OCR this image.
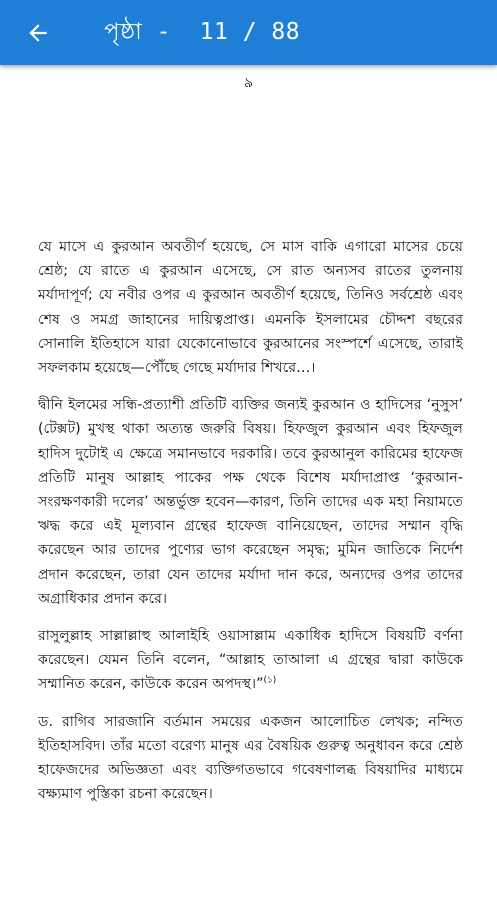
পৃষ্ঠা -  11 / 88
৯

যে মাসে এ কুরআন অবতীর্ণ হয়েছে, সে মাস বাকি এগারো মাসের চেয়ে শ্রেষ্ঠ; যে রাতে এ কুরআন এসেছে, সে রাত অন্যসব রাতের তুলনায় মর্যাদাপূর্ণ; যে নবীর ওপর এ কুরআন অবতীর্ণ হয়েছে, তিনিও সর্বশ্রেষ্ঠ এবং শেষ ও সমগ্র জাহানের দায়িত্বপ্রাপ্ত। এমনকি ইসলামের চৌদ্দশ বছরের সোনালি ইতিহাসে যারা যেকোনোভাবে কুরআনের সংস্পর্শে এসেছে, তারাই সফলকাম হয়েছে—পৌঁছে গেছে মর্যাদার শিখরে…।

দ্বীনি ইলমের সন্ধি-প্রত্যাশী প্রতিটি ব্যক্তির জন্যই কুরআন ও হাদিসের ‘নুসুস’ (টেক্সট) মুখস্থ থাকা অত্যন্ত জরুরি বিষয়। হিফজুল কুরআন এবং হিফজুল হাদিস দুটোই এ ক্ষেত্রে সমানভাবে দরকারি। তবে কুরআনুল কারিমের হাফেজ প্রতিটি মানুষ আল্লাহ পাকের পক্ষ থেকে বিশেষ মর্যাদাপ্রাপ্ত ‘কুরআন-সংরক্ষণকারী দলের’ অন্তর্ভুক্ত হবেন—কারণ, তিনি তাদের এক মহা নিয়ামতে ঋদ্ধ করে এই মূল্যবান গ্রন্থের হাফেজ বানিয়েছেন, তাদের সম্মান বৃদ্ধি করেছেন আর তাদের পুণ্যের ভাগ করেছেন সমৃদ্ধ; মুমিন জাতিকে নির্দেশ প্রদান করেছেন, তারা যেন তাদের মর্যাদা দান করে, অন্যদের ওপর তাদের অগ্রাধিকার প্রদান করে।

রাসুলুল্লাহ সাল্লাল্লাহু আলাইহি ওয়াসাল্লাম একাধিক হাদিসে বিষয়টি বর্ণনা করেছেন। যেমন তিনি বলেন, “আল্লাহ তাআলা এ গ্রন্থের দ্বারা কাউকে সম্মানিত করেন, কাউকে করেন অপদস্থ।”$^{(১)}$

ড. রাগিব সারজানি বর্তমান সময়ের একজন আলোচিত লেখক; নন্দিত ইতিহাসবিদ। তাঁর মতো বরেণ্য মানুষ এর বৈষয়িক গুরুত্ব অনুধাবন করে শ্রেষ্ঠ হাফেজদের অভিজ্ঞতা এবং ব্যক্তিগতভাবে গবেষণালব্ধ বিষয়াদির মাধ্যমে বক্ষ্যমাণ পুস্তিকা রচনা করেছেন।
